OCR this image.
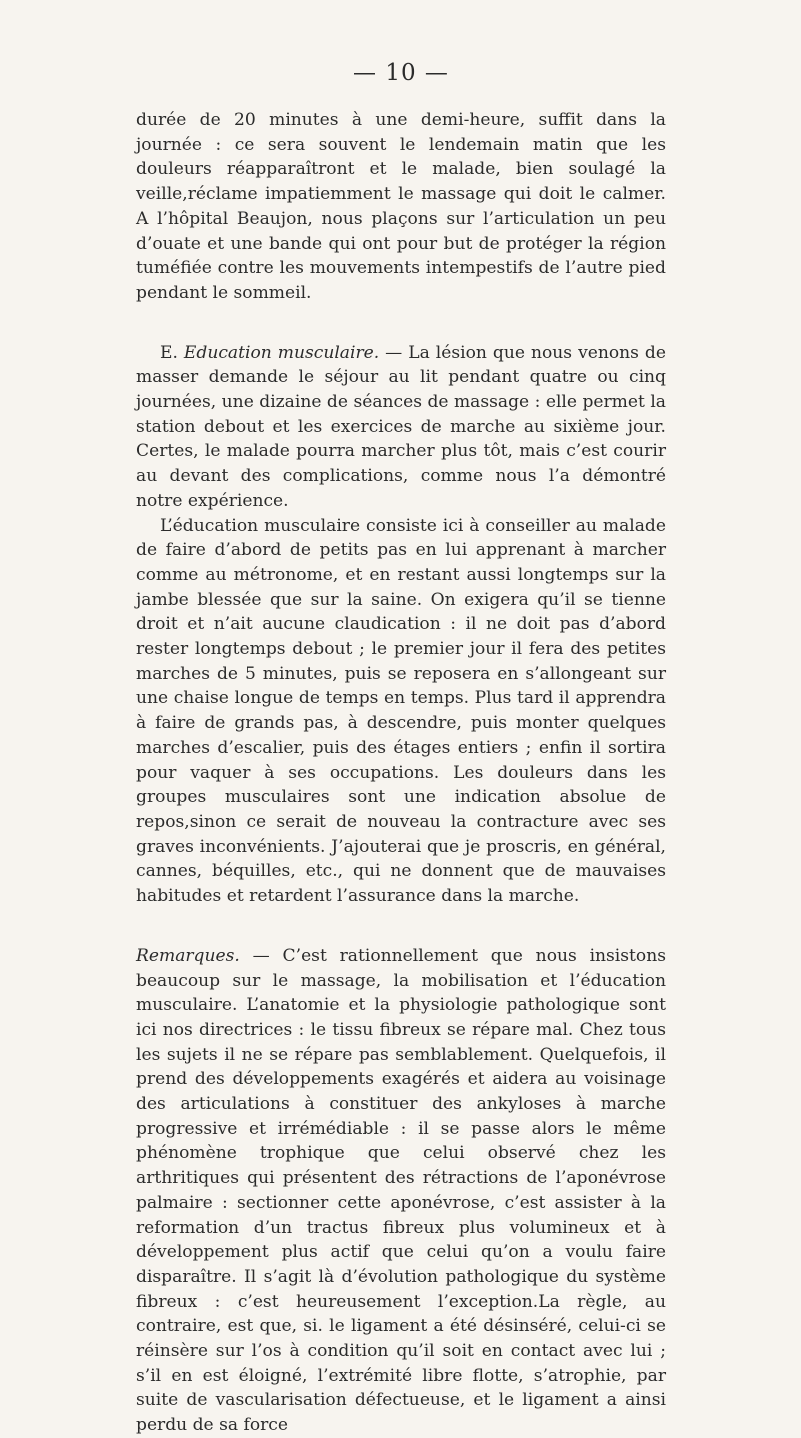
— 10 —

durée de 20 minutes à une demi-heure, suffit dans la journée : ce sera souvent le lendemain matin que les douleurs réapparaîtront et le malade, bien soulagé la veille,réclame impatiemment le massage qui doit le calmer. A l’hôpital Beaujon, nous plaçons sur l’articulation un peu d’ouate et une bande qui ont pour but de protéger la région tuméfiée contre les mouvements intempestifs de l’autre pied pendant le sommeil.

E. Education musculaire. — La lésion que nous venons de masser demande le séjour au lit pendant quatre ou cinq journées, une dizaine de séances de massage : elle permet la station debout et les exercices de marche au sixième jour. Certes, le malade pourra marcher plus tôt, mais c’est courir au devant des complications, comme nous l’a démontré notre expérience.

L’éducation musculaire consiste ici à conseiller au malade de faire d’abord de petits pas en lui apprenant à marcher comme au métronome, et en restant aussi longtemps sur la jambe blessée que sur la saine. On exigera qu’il se tienne droit et n’ait aucune claudication : il ne doit pas d’abord rester longtemps debout ; le premier jour il fera des petites marches de 5 minutes, puis se reposera en s’allongeant sur une chaise longue de temps en temps. Plus tard il apprendra à faire de grands pas, à descendre, puis monter quelques marches d’escalier, puis des étages entiers ; enfin il sortira pour vaquer à ses occupations. Les douleurs dans les groupes musculaires sont une indication absolue de repos,sinon ce serait de nouveau la contracture avec ses graves inconvénients. J’ajouterai que je proscris, en général, cannes, béquilles, etc., qui ne donnent que de mauvaises habitudes et retardent l’assurance dans la marche.

Remarques. — C’est rationnellement que nous insistons beaucoup sur le massage, la mobilisation et l’éducation musculaire. L’anatomie et la physiologie pathologique sont ici nos directrices : le tissu fibreux se répare mal. Chez tous les sujets il ne se répare pas semblablement. Quelquefois, il prend des développements exagérés et aidera au voisinage des articulations à constituer des ankyloses à marche progressive et irrémédiable : il se passe alors le même phénomène trophique que celui observé chez les arthritiques qui présentent des rétractions de l’aponévrose palmaire : sectionner cette aponévrose, c’est assister à la reformation d’un tractus fibreux plus volumineux et à développement plus actif que celui qu’on a voulu faire disparaître. Il s’agit là d’évolution pathologique du système fibreux : c’est heureusement l’exception.La règle, au contraire, est que, si. le ligament a été désinséré, celui-ci se réinsère sur l’os à condition qu’il soit en contact avec lui ; s’il en est éloigné, l’extrémité libre flotte, s’atrophie, par suite de vascularisation défectueuse, et le ligament a ainsi perdu de sa force
